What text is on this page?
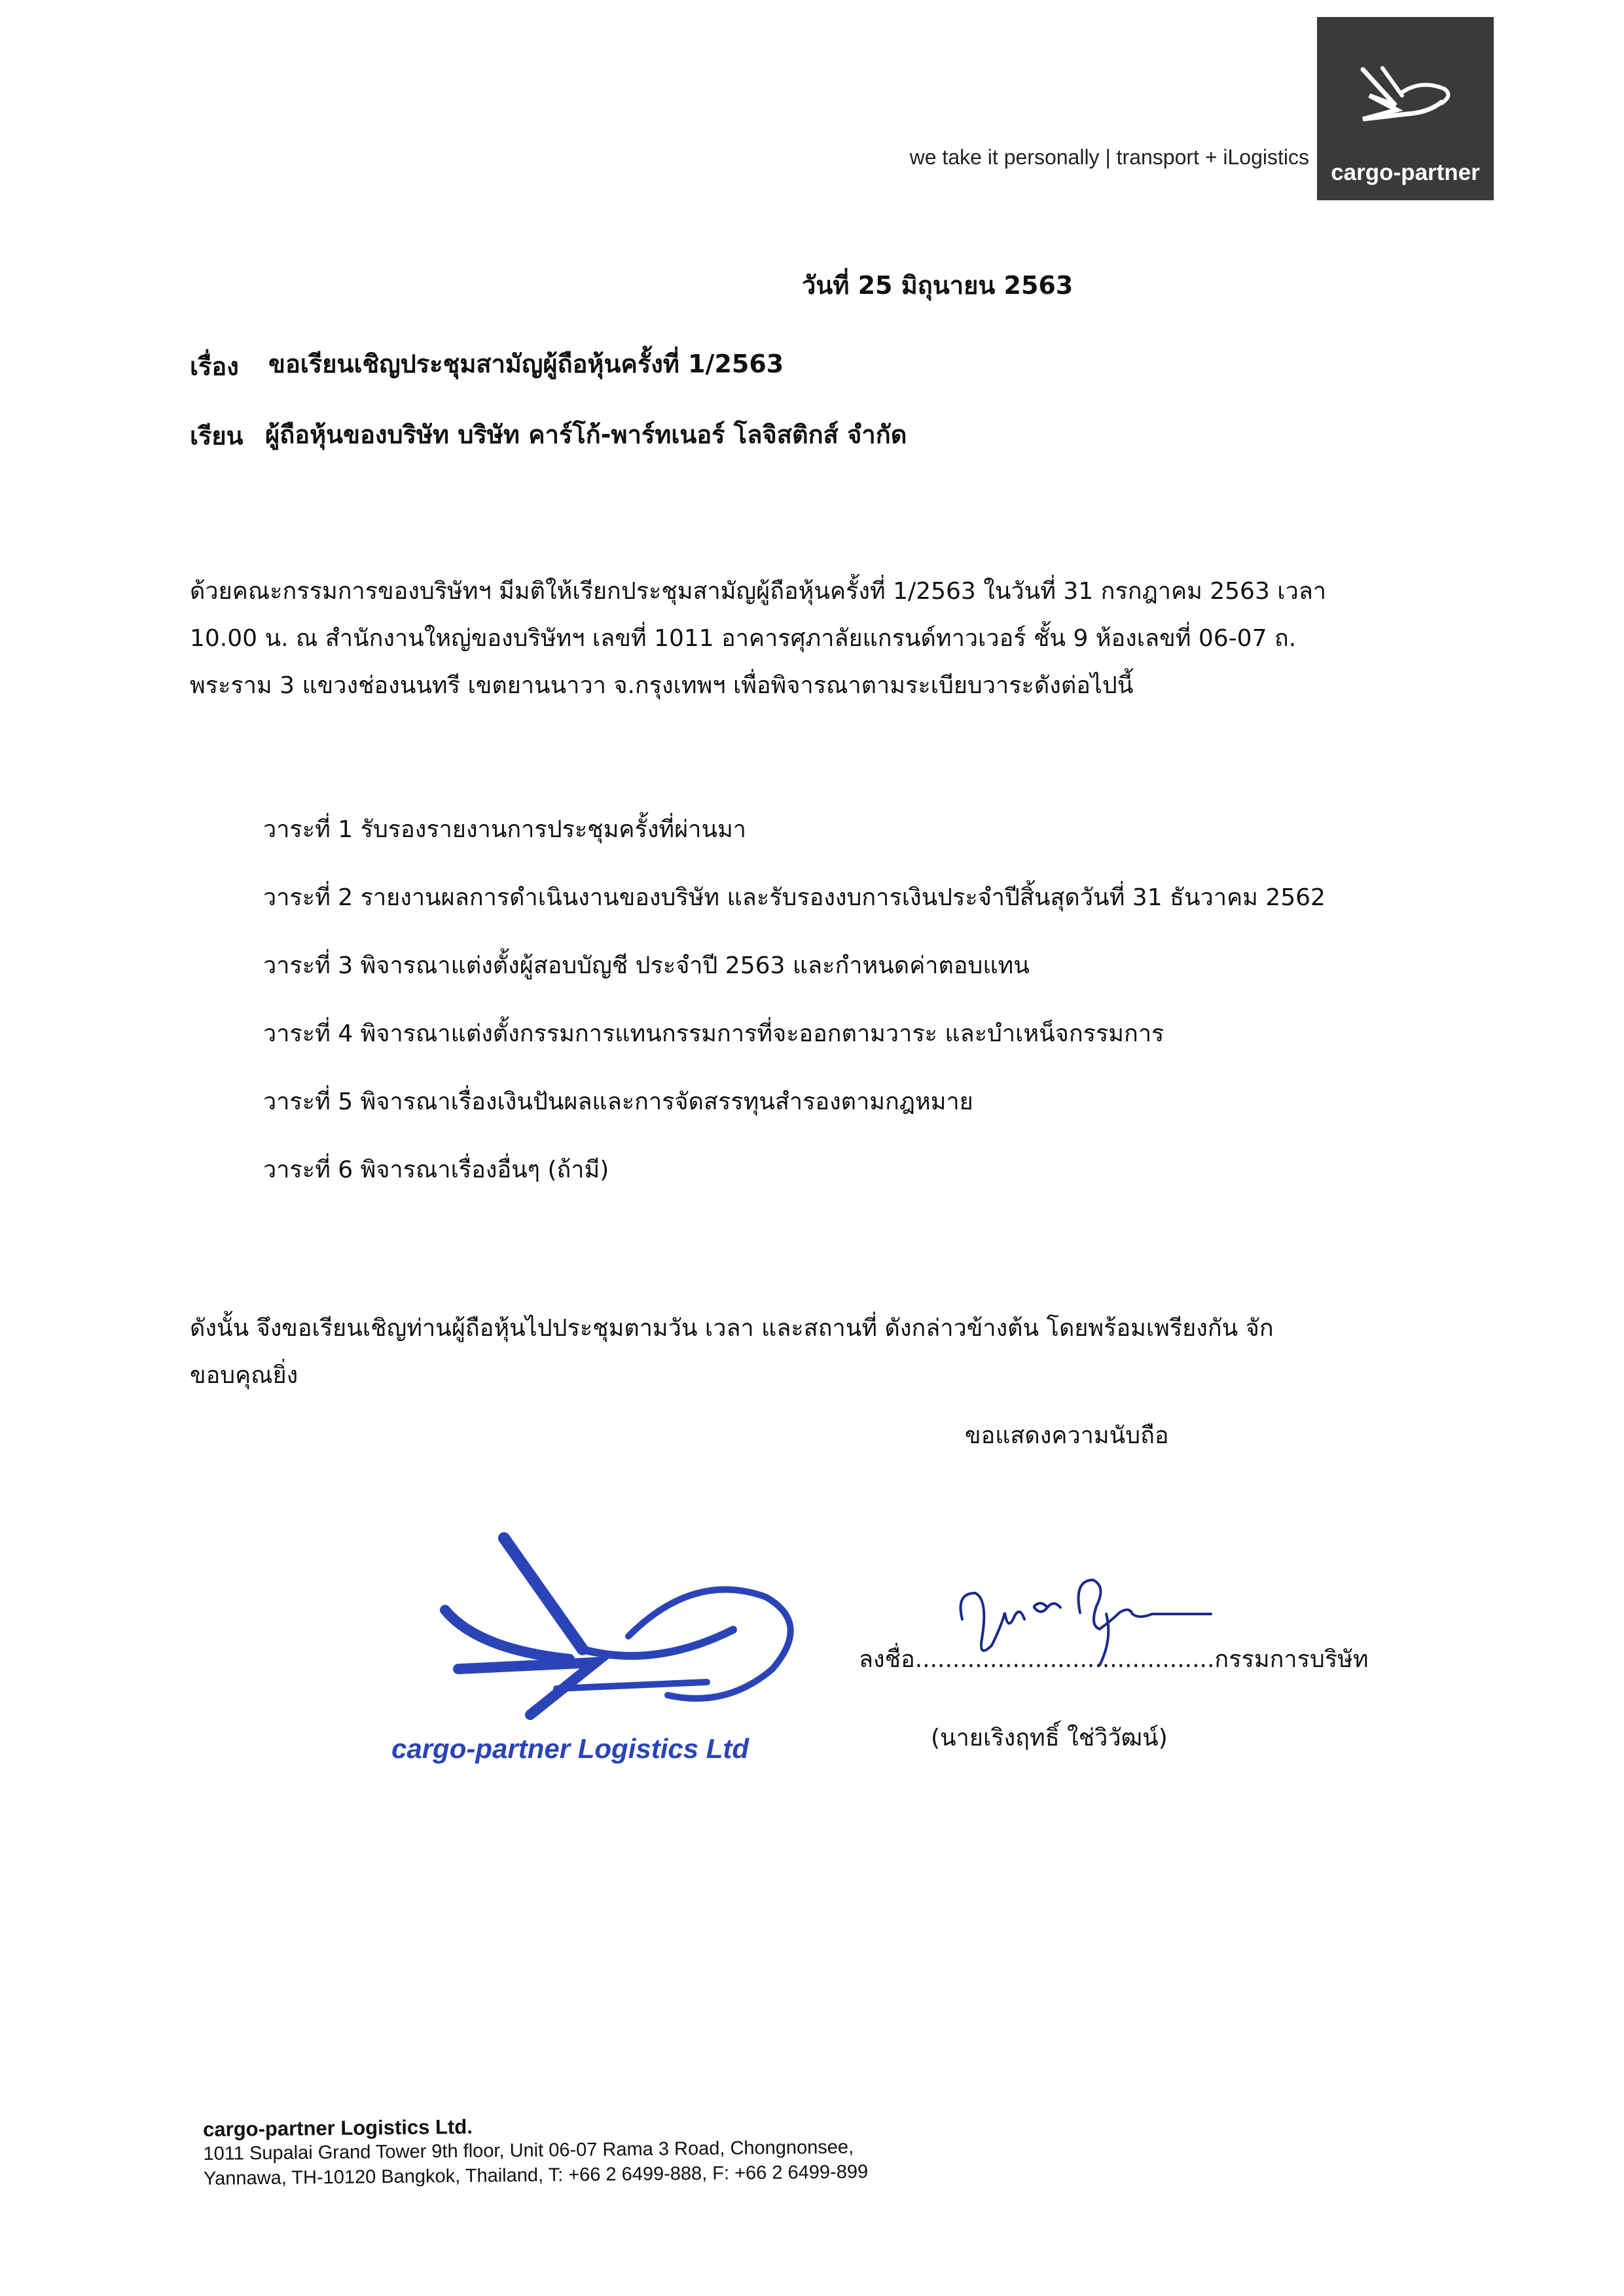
we take it personally | transport + iLogistics
cargo-partner
วันที่ 25 มิถุนายน 2563
เรื่อง ขอเรียนเชิญประชุมสามัญผู้ถือหุ้นครั้งที่ 1/2563
เรียน ผู้ถือหุ้นของบริษัท บริษัท คาร์โก้-พาร์ทเนอร์ โลจิสติกส์ จำกัด
ด้วยคณะกรรมการของบริษัทฯ มีมติให้เรียกประชุมสามัญผู้ถือหุ้นครั้งที่ 1/2563 ในวันที่ 31 กรกฎาคม 2563 เวลา
10.00 น. ณ สำนักงานใหญ่ของบริษัทฯ เลขที่ 1011 อาคารศุภาลัยแกรนด์ทาวเวอร์ ชั้น 9 ห้องเลขที่ 06-07 ถ.
พระราม 3 แขวงช่องนนทรี เขตยานนาวา จ.กรุงเทพฯ เพื่อพิจารณาตามระเบียบวาระดังต่อไปนี้
วาระที่ 1 รับรองรายงานการประชุมครั้งที่ผ่านมา
วาระที่ 2 รายงานผลการดำเนินงานของบริษัท และรับรองงบการเงินประจำปีสิ้นสุดวันที่ 31 ธันวาคม 2562
วาระที่ 3 พิจารณาแต่งตั้งผู้สอบบัญชี ประจำปี 2563 และกำหนดค่าตอบแทน
วาระที่ 4 พิจารณาแต่งตั้งกรรมการแทนกรรมการที่จะออกตามวาระ และบำเหน็จกรรมการ
วาระที่ 5 พิจารณาเรื่องเงินปันผลและการจัดสรรทุนสำรองตามกฎหมาย
วาระที่ 6 พิจารณาเรื่องอื่นๆ (ถ้ามี)
ดังนั้น จึงขอเรียนเชิญท่านผู้ถือหุ้นไปประชุมตามวัน เวลา และสถานที่ ดังกล่าวข้างต้น โดยพร้อมเพรียงกัน จัก
ขอบคุณยิ่ง
ขอแสดงความนับถือ
cargo-partner Logistics Ltd
ลงชื่อ........................................กรรมการบริษัท
(นายเริงฤทธิ์ ใช่วิวัฒน์)
cargo-partner Logistics Ltd.
1011 Supalai Grand Tower 9th floor, Unit 06-07 Rama 3 Road, Chongnonsee,
Yannawa, TH-10120 Bangkok, Thailand, T: +66 2 6499-888, F: +66 2 6499-899
